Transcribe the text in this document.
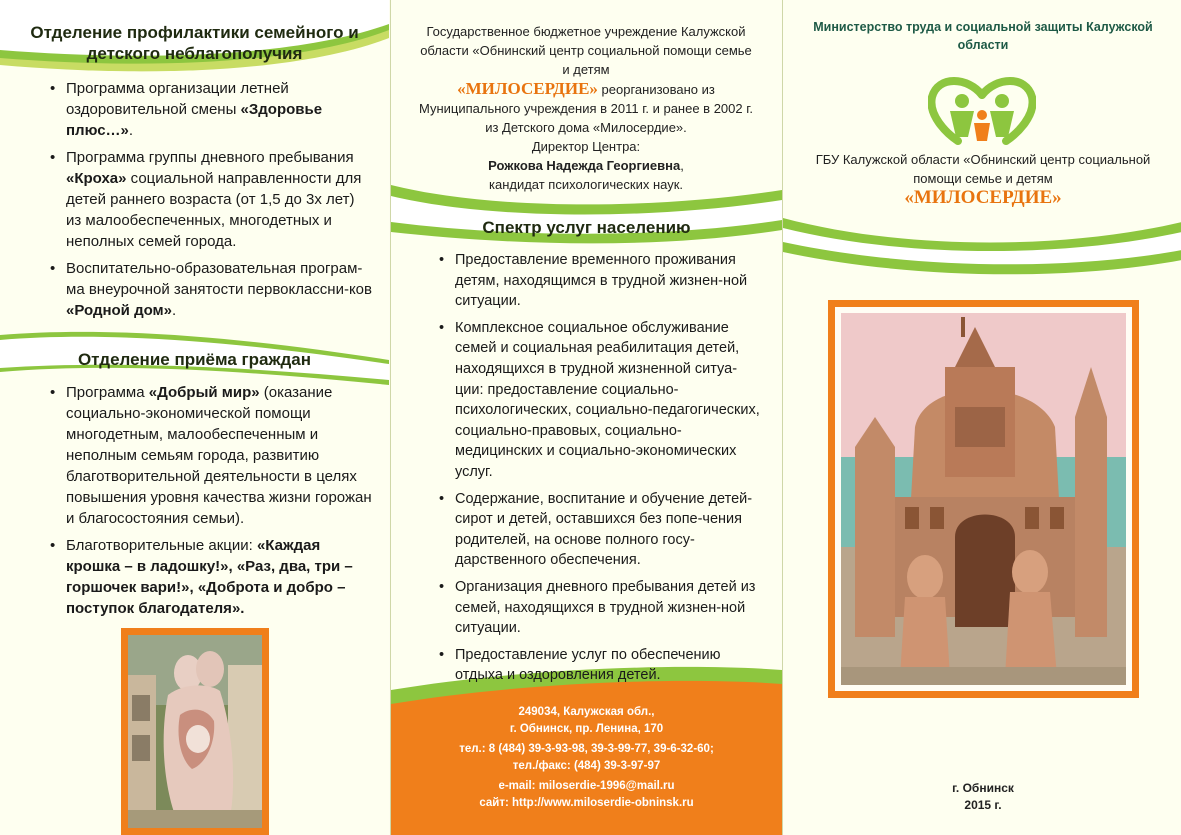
Отделение профилактики семейного и детского неблагополучия
• Программа организации летней оздоровительной смены «Здоровье плюс…».
• Программа группы дневного пребывания «Кроха» социальной направленности для детей раннего возраста (от 1,5 до 3х лет) из малообеспеченных, многодетных и неполных семей города.
• Воспитательно-образовательная програм-ма внеурочной занятости первоклассни-ков «Родной дом».
Отделение приёма граждан
• Программа «Добрый мир» (оказание социально-экономической помощи многодетным, малообеспеченным и неполным семьям города, развитию благотворительной деятельности в целях повышения уровня качества жизни горожан и благосостояния семьи).
• Благотворительные акции: «Каждая крошка – в ладошку!», «Раз, два, три – горшочек вари!», «Доброта и добро – поступок благодателя».
Государственное бюджетное учреждение Калужской области «Обнинский центр социальной помощи семье и детям
«МИЛОСЕРДИЕ» реорганизовано из Муниципального учреждения в 2011 г. и ранее в 2002 г. из Детского дома «Милосердие».
Директор Центра:
Рожкова Надежда Георгиевна,
кандидат психологических наук.
Спектр услуг населению
• Предоставление временного проживания детям, находящимся в трудной жизнен-ной ситуации.
• Комплексное социальное обслуживание семей и социальная реабилитация детей, находящихся в трудной жизненной ситуа-ции: предоставление социально-психологических, социально-педагогических, социально-правовых, социально-медицинских и социально-экономических услуг.
• Содержание, воспитание и обучение детей-сирот и детей, оставшихся без попе-чения родителей, на основе полного госу-дарственного обеспечения.
• Организация дневного пребывания детей из семей, находящихся в трудной жизнен-ной ситуации.
• Предоставление услуг по обеспечению отдыха и оздоровления детей.
249034, Калужская обл.,
г. Обнинск, пр. Ленина, 170
тел.: 8 (484) 39-3-93-98, 39-3-99-77, 39-6-32-60;
тел./факс: (484) 39-3-97-97
e-mail: miloserdie-1996@mail.ru
сайт: http://www.miloserdie-obninsk.ru
Министерство труда и социальной защиты Калужской области
ГБУ Калужской области «Обнинский центр социальной помощи семье и детям
«МИЛОСЕРДИЕ»
г. Обнинск
2015 г.
